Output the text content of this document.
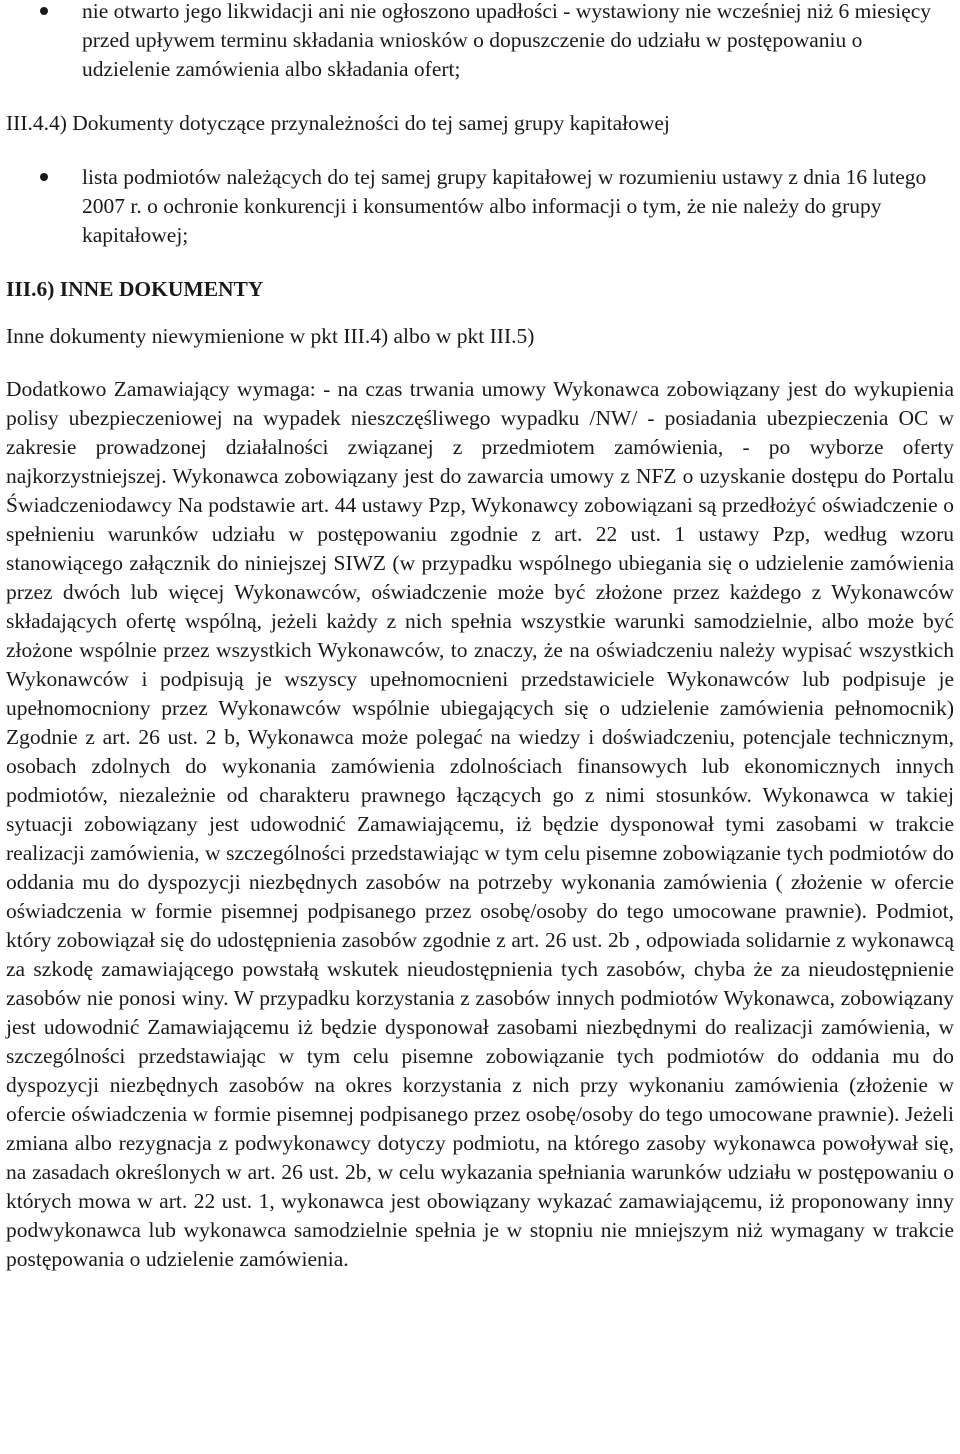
nie otwarto jego likwidacji ani nie ogłoszono upadłości - wystawiony nie wcześniej niż 6 miesięcy przed upływem terminu składania wniosków o dopuszczenie do udziału w postępowaniu o udzielenie zamówienia albo składania ofert;

III.4.4) Dokumenty dotyczące przynależności do tej samej grupy kapitałowej

lista podmiotów należących do tej samej grupy kapitałowej w rozumieniu ustawy z dnia 16 lutego 2007 r. o ochronie konkurencji i konsumentów albo informacji o tym, że nie należy do grupy kapitałowej;

III.6) INNE DOKUMENTY

Inne dokumenty niewymienione w pkt III.4) albo w pkt III.5)

Dodatkowo Zamawiający wymaga: - na czas trwania umowy Wykonawca zobowiązany jest do wykupienia polisy ubezpieczeniowej na wypadek nieszczęśliwego wypadku /NW/ - posiadania ubezpieczenia OC w zakresie prowadzonej działalności związanej z przedmiotem zamówienia, - po wyborze oferty najkorzystniejszej. Wykonawca zobowiązany jest do zawarcia umowy z NFZ o uzyskanie dostępu do Portalu Świadczeniodawcy Na podstawie art. 44 ustawy Pzp, Wykonawcy zobowiązani są przedłożyć oświadczenie o spełnieniu warunków udziału w postępowaniu zgodnie z art. 22 ust. 1 ustawy Pzp, według wzoru stanowiącego załącznik do niniejszej SIWZ (w przypadku wspólnego ubiegania się o udzielenie zamówienia przez dwóch lub więcej Wykonawców, oświadczenie może być złożone przez każdego z Wykonawców składających ofertę wspólną, jeżeli każdy z nich spełnia wszystkie warunki samodzielnie, albo może być złożone wspólnie przez wszystkich Wykonawców, to znaczy, że na oświadczeniu należy wypisać wszystkich Wykonawców i podpisują je wszyscy upełnomocnieni przedstawiciele Wykonawców lub podpisuje je upełnomocniony przez Wykonawców wspólnie ubiegających się o udzielenie zamówienia pełnomocnik) Zgodnie z art. 26 ust. 2 b, Wykonawca może polegać na wiedzy i doświadczeniu, potencjale technicznym, osobach zdolnych do wykonania zamówienia zdolnościach finansowych lub ekonomicznych innych podmiotów, niezależnie od charakteru prawnego łączących go z nimi stosunków. Wykonawca w takiej sytuacji zobowiązany jest udowodnić Zamawiającemu, iż będzie dysponował tymi zasobami w trakcie realizacji zamówienia, w szczególności przedstawiając w tym celu pisemne zobowiązanie tych podmiotów do oddania mu do dyspozycji niezbędnych zasobów na potrzeby wykonania zamówienia ( złożenie w ofercie oświadczenia w formie pisemnej podpisanego przez osobę/osoby do tego umocowane prawnie). Podmiot, który zobowiązał się do udostępnienia zasobów zgodnie z art. 26 ust. 2b , odpowiada solidarnie z wykonawcą za szkodę zamawiającego powstałą wskutek nieudostępnienia tych zasobów, chyba że za nieudostępnienie zasobów nie ponosi winy. W przypadku korzystania z zasobów innych podmiotów Wykonawca, zobowiązany jest udowodnić Zamawiającemu iż będzie dysponował zasobami niezbędnymi do realizacji zamówienia, w szczególności przedstawiając w tym celu pisemne zobowiązanie tych podmiotów do oddania mu do dyspozycji niezbędnych zasobów na okres korzystania z nich przy wykonaniu zamówienia (złożenie w ofercie oświadczenia w formie pisemnej podpisanego przez osobę/osoby do tego umocowane prawnie). Jeżeli zmiana albo rezygnacja z podwykonawcy dotyczy podmiotu, na którego zasoby wykonawca powoływał się, na zasadach określonych w art. 26 ust. 2b, w celu wykazania spełniania warunków udziału w postępowaniu o których mowa w art. 22 ust. 1, wykonawca jest obowiązany wykazać zamawiającemu, iż proponowany inny podwykonawca lub wykonawca samodzielnie spełnia je w stopniu nie mniejszym niż wymagany w trakcie postępowania o udzielenie zamówienia.
